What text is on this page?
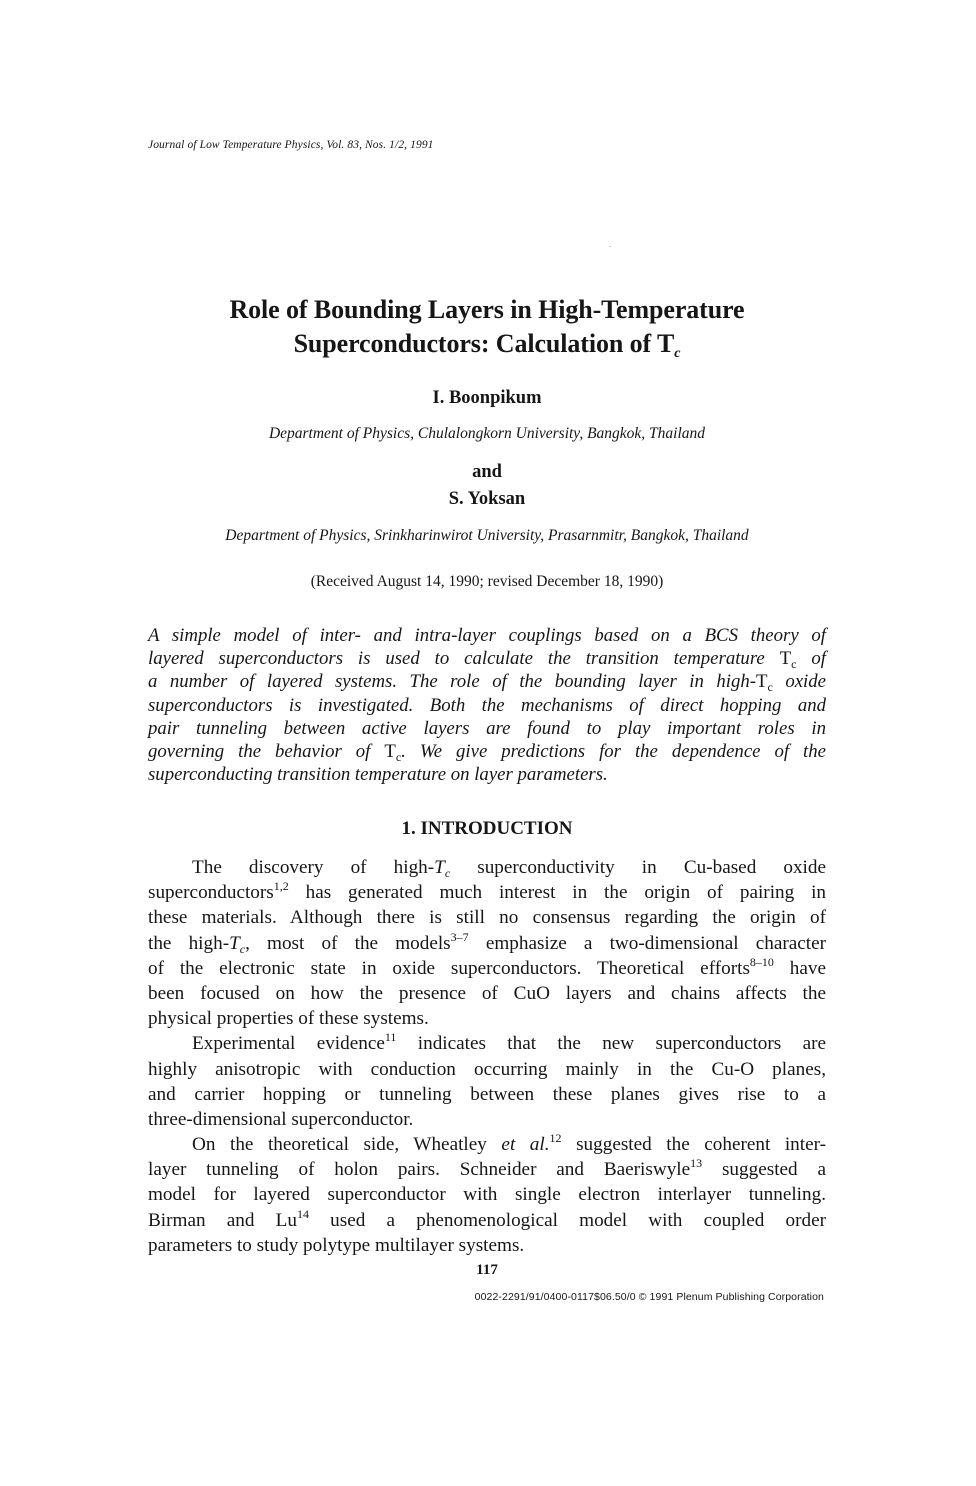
Journal of Low Temperature Physics, Vol. 83, Nos. 1/2, 1991
Role of Bounding Layers in High-Temperature
Superconductors: Calculation of Tc
I. Boonpikum
Department of Physics, Chulalongkorn University, Bangkok, Thailand
and
S. Yoksan
Department of Physics, Srinkharinwirot University, Prasarnmitr, Bangkok, Thailand
(Received August 14, 1990; revised December 18, 1990)
A simple model of inter- and intra-layer couplings based on a BCS theory of
layered superconductors is used to calculate the transition temperature $T_c$ of
a number of layered systems. The role of the bounding layer in high-$T_c$ oxide
superconductors is investigated. Both the mechanisms of direct hopping and
pair tunneling between active layers are found to play important roles in
governing the behavior of $T_c$. We give predictions for the dependence of the
superconducting transition temperature on layer parameters.
1. INTRODUCTION
The discovery of high-$T_c$ superconductivity in Cu-based oxide
superconductors$^{1,2}$ has generated much interest in the origin of pairing in
these materials. Although there is still no consensus regarding the origin of
the high-$T_c$, most of the models$^{3-7}$ emphasize a two-dimensional character
of the electronic state in oxide superconductors. Theoretical efforts$^{8-10}$ have
been focused on how the presence of CuO layers and chains affects the
physical properties of these systems.
Experimental evidence$^{11}$ indicates that the new superconductors are
highly anisotropic with conduction occurring mainly in the Cu-O planes,
and carrier hopping or tunneling between these planes gives rise to a
three-dimensional superconductor.
On the theoretical side, Wheatley et al.$^{12}$ suggested the coherent inter-
layer tunneling of holon pairs. Schneider and Baeriswyle$^{13}$ suggested a
model for layered superconductor with single electron interlayer tunneling.
Birman and Lu$^{14}$ used a phenomenological model with coupled order
parameters to study polytype multilayer systems.
117
0022-2291/91/0400-0117$06.50/0 © 1991 Plenum Publishing Corporation
